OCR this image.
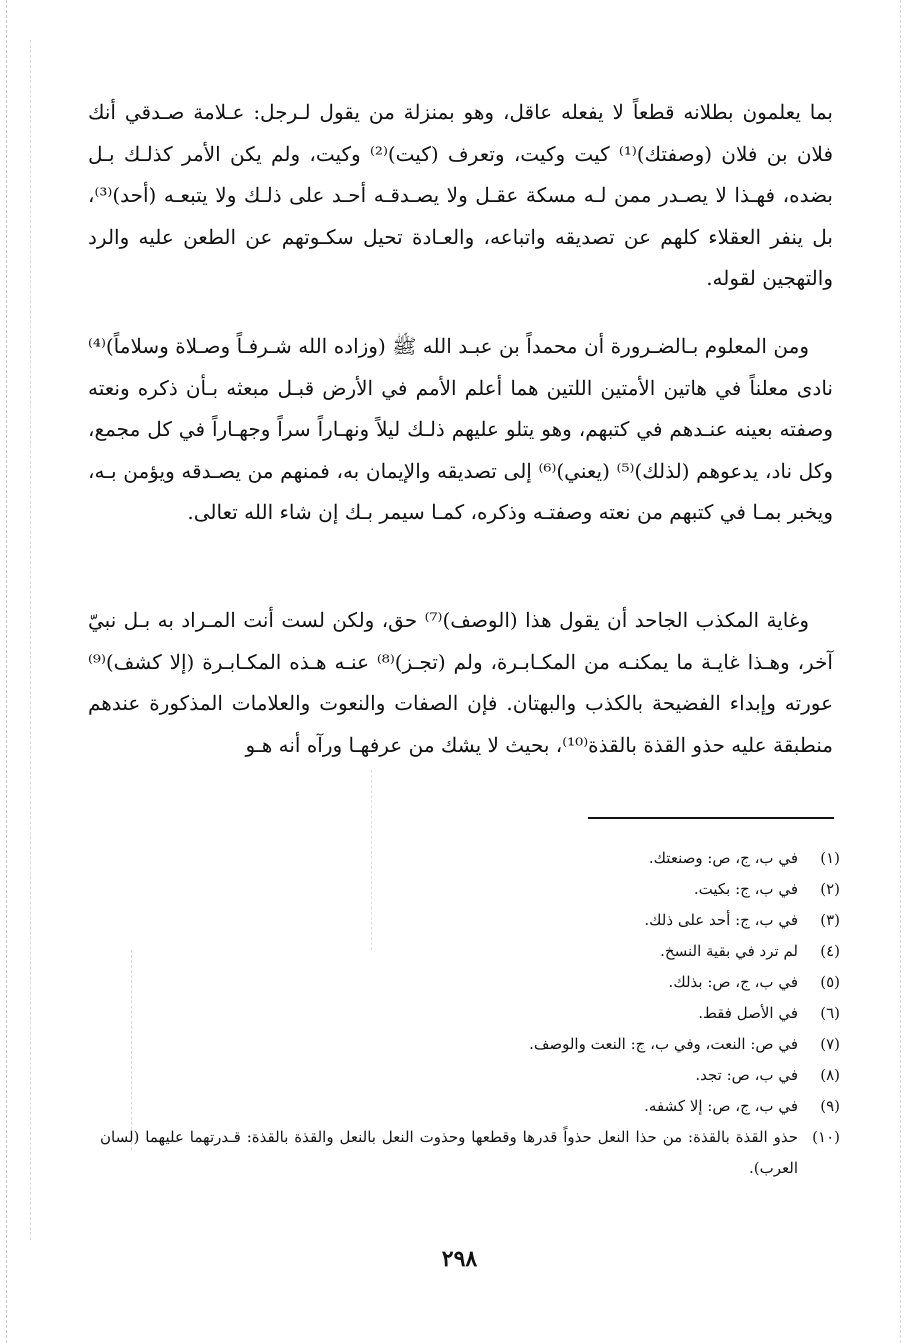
بما يعلمون بطلانه قطعاً لا يفعله عاقل، وهو بمنزلة من يقول لـرجل: عـلامة صـدقي أنك فلان بن فلان (وصفتك)⁽¹⁾ كيت وكيت، وتعرف (كيت)⁽²⁾ وكيت، ولم يكن الأمر كذلـك بـل بضده، فهـذا لا يصـدر ممن لـه مسكة عقـل ولا يصـدقـه أحـد على ذلـك ولا يتبعـه (أحد)⁽³⁾، بل ينفر العقلاء كلهم عن تصديقه واتباعه، والعـادة تحيل سكـوتهم عن الطعن عليه والرد والتهجين لقوله.

ومن المعلوم بـالضـرورة أن محمداً بن عبـد الله ﷺ (وزاده الله شـرفـاً وصـلاة وسلاماً)⁽⁴⁾ نادى معلناً في هاتين الأمتين اللتين هما أعلم الأمم في الأرض قبـل مبعثه بـأن ذكره ونعته وصفته بعينه عنـدهم في كتبهم، وهو يتلو عليهم ذلـك ليلاً ونهـاراً سراً وجهـاراً في كل مجمع، وكل ناد، يدعوهم (لذلك)⁽⁵⁾ (يعني)⁽⁶⁾ إلى تصديقه والإيمان به، فمنهم من يصـدقه ويؤمن بـه، ويخبر بمـا في كتبهم من نعته وصفتـه وذكره، كمـا سيمر بـك إن شاء الله تعالى.

وغاية المكذب الجاحد أن يقول هذا (الوصف)⁽⁷⁾ حق، ولكن لست أنت المـراد به بـل نبيّ آخر، وهـذا غايـة ما يمكنـه من المكـابـرة، ولم (تجـز)⁽⁸⁾ عنـه هـذه المكـابـرة (إلا كشف)⁽⁹⁾ عورته وإبداء الفضيحة بالكذب والبهتان. فإن الصفات والنعوت والعلامات المذكورة عندهم منطبقة عليه حذو القذة بالقذة⁽¹⁰⁾، بحيث لا يشك من عرفهـا ورآه أنه هـو

(١)
في ب، ج، ص: وصنعتك.
(٢)
في ب، ج: بكيت.
(٣)
في ب، ج: أحد على ذلك.
(٤)
لم ترد في بقية النسخ.
(٥)
في ب، ج، ص: بذلك.
(٦)
في الأصل فقط.
(٧)
في ص: النعت، وفي ب، ج: النعت والوصف.
(٨)
في ب، ص: تجد.
(٩)
في ب، ج، ص: إلا كشفه.
(١٠)
حذو القذة بالقذة: من حذا النعل حذواً قدرها وقطعها وحذوت النعل بالنعل والقذة بالقذة: قـدرتهما عليهما (لسان العرب).
٢٩٨
